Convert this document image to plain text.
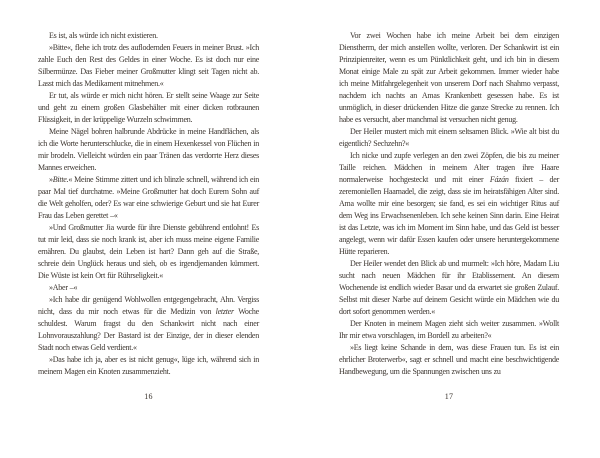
Es ist, als würde ich nicht existieren.

»Bitte«, flehe ich trotz des auflodernden Feuers in meiner Brust. »Ich zahle Euch den Rest des Geldes in einer Woche. Es ist doch nur eine Silbermünze. Das Fieber meiner Großmutter klingt seit Tagen nicht ab. Lasst mich das Medikament mitnehmen.«

Er tut, als würde er mich nicht hören. Er stellt seine Waage zur Seite und geht zu einem großen Glasbehälter mit einer dicken rotbraunen Flüssigkeit, in der krüppelige Wurzeln schwimmen.

Meine Nägel bohren halbrunde Abdrücke in meine Handflächen, als ich die Worte herunterschlucke, die in einem Hexenkessel von Flüchen in mir brodeln. Vielleicht würden ein paar Tränen das verdorrte Herz dieses Mannes erweichen.

»Bitte.« Meine Stimme zittert und ich blinzle schnell, während ich ein paar Mal tief durchatme. »Meine Großmutter hat doch Eurem Sohn auf die Welt geholfen, oder? Es war eine schwierige Geburt und sie hat Eurer Frau das Leben gerettet –«

»Und Großmutter Jia wurde für ihre Dienste gebührend entlohnt! Es tut mir leid, dass sie noch krank ist, aber ich muss meine eigene Familie ernähren. Du glaubst, dein Leben ist hart? Dann geh auf die Straße, schreie dein Unglück heraus und sieh, ob es irgendjemanden kümmert. Die Wüste ist kein Ort für Rührseligkeit.«

»Aber –«

»Ich habe dir genügend Wohlwollen entgegengebracht, Ahn. Vergiss nicht, dass du mir noch etwas für die Medizin von letzter Woche schuldest. Warum fragst du den Schankwirt nicht nach einer Lohnvorauszahlung? Der Bastard ist der Einzige, der in dieser elenden Stadt noch etwas Geld verdient.«

»Das habe ich ja, aber es ist nicht genug«, lüge ich, während sich in meinem Magen ein Knoten zusammenzieht.

16

Vor zwei Wochen habe ich meine Arbeit bei dem einzigen Dienstherrn, der mich anstellen wollte, verloren. Der Schankwirt ist ein Prinzipienreiter, wenn es um Pünktlichkeit geht, und ich bin in diesem Monat einige Male zu spät zur Arbeit gekommen. Immer wieder habe ich meine Mitfahrgelegenheit von unserem Dorf nach Shahmo verpasst, nachdem ich nachts an Amas Krankenbett gesessen habe. Es ist unmöglich, in dieser drückenden Hitze die ganze Strecke zu rennen. Ich habe es versucht, aber manchmal ist versuchen nicht genug.

Der Heiler mustert mich mit einem seltsamen Blick. »Wie alt bist du eigentlich? Sechzehn?«

Ich nicke und zupfe verlegen an den zwei Zöpfen, die bis zu meiner Taille reichen. Mädchen in meinem Alter tragen ihre Haare normalerweise hochgesteckt und mit einer Fázán fixiert – der zeremoniellen Haarnadel, die zeigt, dass sie im heiratsfähigen Alter sind. Ama wollte mir eine besorgen; sie fand, es sei ein wichtiger Ritus auf dem Weg ins Erwachsenenleben. Ich sehe keinen Sinn darin. Eine Heirat ist das Letzte, was ich im Moment im Sinn habe, und das Geld ist besser angelegt, wenn wir dafür Essen kaufen oder unsere heruntergekommene Hütte reparieren.

Der Heiler wendet den Blick ab und murmelt: »Ich höre, Madam Liu sucht nach neuen Mädchen für ihr Etablissement. An diesem Wochenende ist endlich wieder Basar und da erwartet sie großen Zulauf. Selbst mit dieser Narbe auf deinem Gesicht würde ein Mädchen wie du dort sofort genommen werden.«

Der Knoten in meinem Magen zieht sich weiter zusammen. »Wollt Ihr mir etwa vorschlagen, im Bordell zu arbeiten?«

»Es liegt keine Schande in dem, was diese Frauen tun. Es ist ein ehrlicher Broterwerb«, sagt er schnell und macht eine beschwichtigende Handbewegung, um die Spannungen zwischen uns zu

17
